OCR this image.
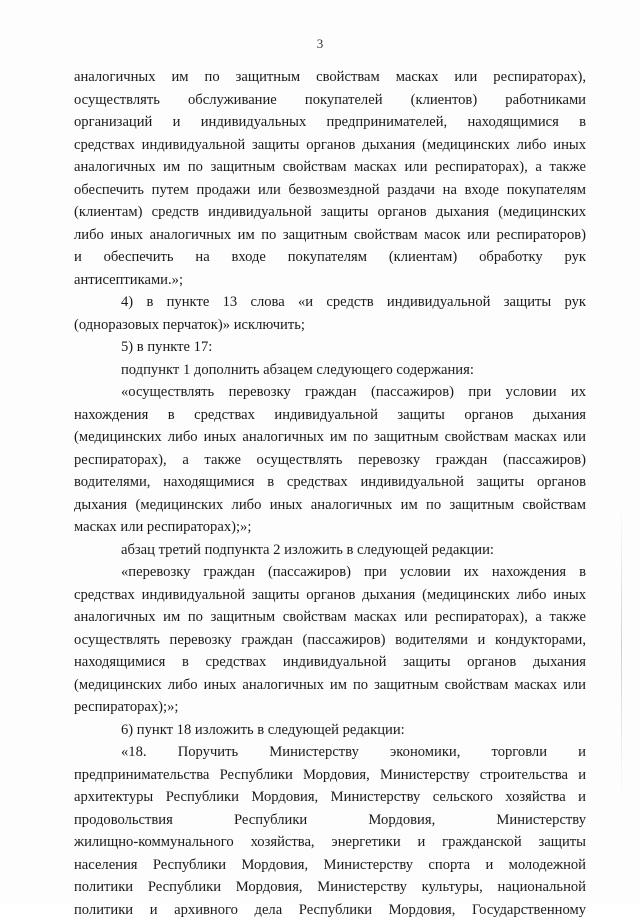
3
аналогичных им по защитным свойствам масках или респираторах),
осуществлять обслуживание покупателей (клиентов) работниками
организаций и индивидуальных предпринимателей, находящимися в
средствах индивидуальной защиты органов дыхания (медицинских либо иных
аналогичных им по защитным свойствам масках или респираторах), а также
обеспечить путем продажи или безвозмездной раздачи на входе покупателям
(клиентам) средств индивидуальной защиты органов дыхания (медицинских
либо иных аналогичных им по защитным свойствам масок или респираторов)
и обеспечить на входе покупателям (клиентам) обработку рук
антисептиками.»;
4) в пункте 13 слова «и средств индивидуальной защиты рук
(одноразовых перчаток)» исключить;
5) в пункте 17:
подпункт 1 дополнить абзацем следующего содержания:
«осуществлять перевозку граждан (пассажиров) при условии их
нахождения в средствах индивидуальной защиты органов дыхания
(медицинских либо иных аналогичных им по защитным свойствам масках или
респираторах), а также осуществлять перевозку граждан (пассажиров)
водителями, находящимися в средствах индивидуальной защиты органов
дыхания (медицинских либо иных аналогичных им по защитным свойствам
масках или респираторах);»;
абзац третий подпункта 2 изложить в следующей редакции:
«перевозку граждан (пассажиров) при условии их нахождения в
средствах индивидуальной защиты органов дыхания (медицинских либо иных
аналогичных им по защитным свойствам масках или респираторах), а также
осуществлять перевозку граждан (пассажиров) водителями и кондукторами,
находящимися в средствах индивидуальной защиты органов дыхания
(медицинских либо иных аналогичных им по защитным свойствам масках или
респираторах);»;
6) пункт 18 изложить в следующей редакции:
«18. Поручить Министерству экономики, торговли и
предпринимательства Республики Мордовия, Министерству строительства и
архитектуры Республики Мордовия, Министерству сельского хозяйства и
продовольствия Республики Мордовия, Министерству
жилищно-коммунального хозяйства, энергетики и гражданской защиты
населения Республики Мордовия, Министерству спорта и молодежной
политики Республики Мордовия, Министерству культуры, национальной
политики и архивного дела Республики Мордовия, Государственному
